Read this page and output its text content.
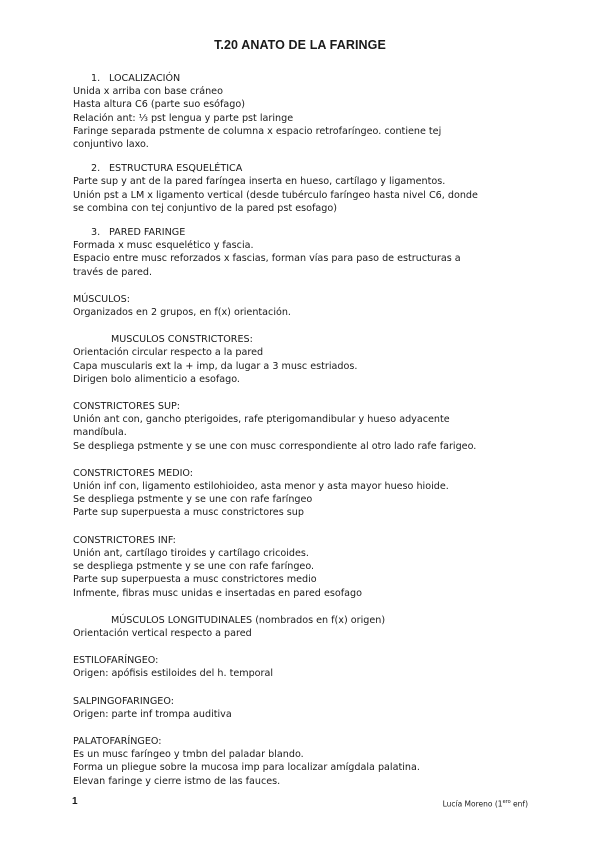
T.20 ANATO DE LA FARINGE
1. LOCALIZACIÓN
Unida x arriba con base cráneo
Hasta altura C6 (parte suo esófago)
Relación ant: ⅓ pst lengua y parte pst laringe
Faringe separada pstmente de columna x espacio retrofaríngeo. contiene tej
conjuntivo laxo.
2. ESTRUCTURA ESQUELÉTICA
Parte sup y ant de la pared faríngea inserta en hueso, cartílago y ligamentos.
Unión pst a LM x ligamento vertical (desde tubérculo faríngeo hasta nivel C6, donde
se combina con tej conjuntivo de la pared pst esofago)
3. PARED FARINGE
Formada x musc esquelético y fascia.
Espacio entre musc reforzados x fascias, forman vías para paso de estructuras a
través de pared.
MÚSCULOS:
Organizados en 2 grupos, en f(x) orientación.
MUSCULOS CONSTRICTORES:
Orientación circular respecto a la pared
Capa muscularis ext la + imp, da lugar a 3 musc estriados.
Dirigen bolo alimenticio a esofago.
CONSTRICTORES SUP:
Unión ant con, gancho pterigoides, rafe pterigomandibular y hueso adyacente
mandíbula.
Se despliega pstmente y se une con musc correspondiente al otro lado rafe farigeo.
CONSTRICTORES MEDIO:
Unión inf con, ligamento estilohioideo, asta menor y asta mayor hueso hioide.
Se despliega pstmente y se une con rafe faríngeo
Parte sup superpuesta a musc constrictores sup
CONSTRICTORES INF:
Unión ant, cartílago tiroides y cartílago cricoides.
se despliega pstmente y se une con rafe faríngeo.
Parte sup superpuesta a musc constrictores medio
Infmente, fibras musc unidas e insertadas en pared esofago
MÚSCULOS LONGITUDINALES (nombrados en f(x) origen)
Orientación vertical respecto a pared
ESTILOFARÍNGEO:
Origen: apófisis estiloides del h. temporal
SALPINGOFARINGEO:
Origen: parte inf trompa auditiva
PALATOFARÍNGEO:
Es un musc faríngeo y tmbn del paladar blando.
Forma un pliegue sobre la mucosa imp para localizar amígdala palatina.
Elevan faringe y cierre istmo de las fauces.
1	Lucía Moreno ($1^{ero}$ enf)
